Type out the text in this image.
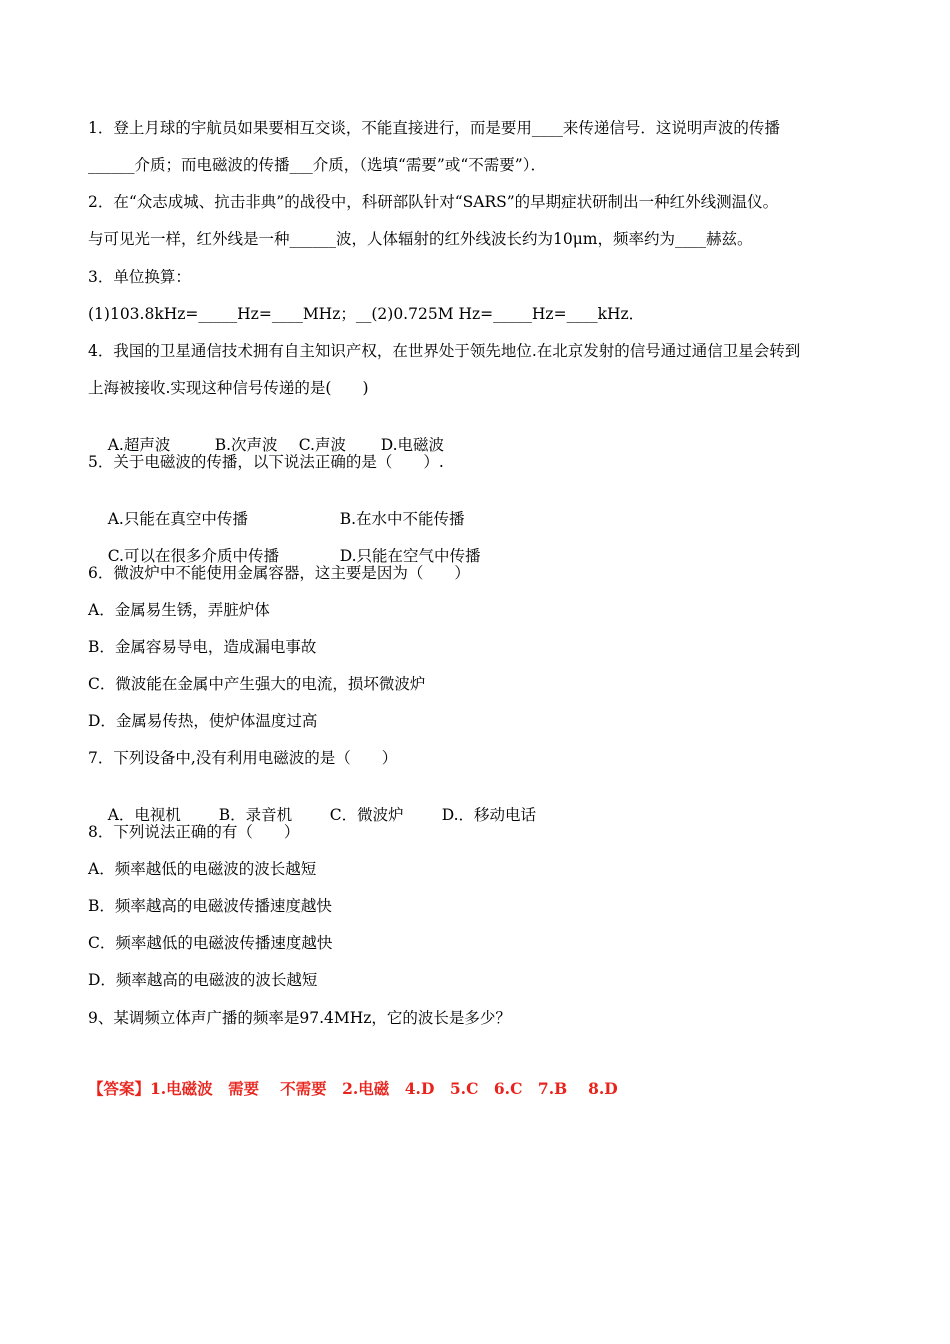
1．登上月球的宇航员如果要相互交谈，不能直接进行，而是要用____来传递信号．这说明声波的传播
______介质；而电磁波的传播___介质，（选填“需要”或“不需要”）．
2．在“众志成城、抗击非典”的战役中，科研部队针对“SARS”的早期症状研制出一种红外线测温仪。
与可见光一样，红外线是一种______波，人体辐射的红外线波长约为10μm，频率约为____赫兹。
3．单位换算：
(1)103.8kHz=_____Hz=____MHz；__(2)0.725M Hz=_____Hz=____kHz．
4．我国的卫星通信技术拥有自主知识产权，在世界处于领先地位.在北京发射的信号通过通信卫星会转到
上海被接收.实现这种信号传递的是(　　)

A.超声波	B.次声波 C.声波 D.电磁波

5．关于电磁波的传播，以下说法正确的是（　　）.

A.只能在真空中传播	B.在水中不能传播

C.可以在很多介质中传播	D.只能在空气中传播

6．微波炉中不能使用金属容器，这主要是因为（　　）
A．金属易生锈，弄脏炉体
B．金属容易导电，造成漏电事故
C．微波能在金属中产生强大的电流，损坏微波炉
D．金属易传热，使炉体温度过高
7．下列设备中,没有利用电磁波的是（　　）

A．电视机 B．录音机 C．微波炉 D.．移动电话

8．下列说法正确的有（　　）
A．频率越低的电磁波的波长越短
B．频率越高的电磁波传播速度越快
C．频率越低的电磁波传播速度越快
D．频率越高的电磁波的波长越短
9、某调频立体声广播的频率是97.4MHz，它的波长是多少？
【答案】1.电磁波　需要　 不需要　2.电磁　4.D　5.C　6.C　7.B　 8.D
